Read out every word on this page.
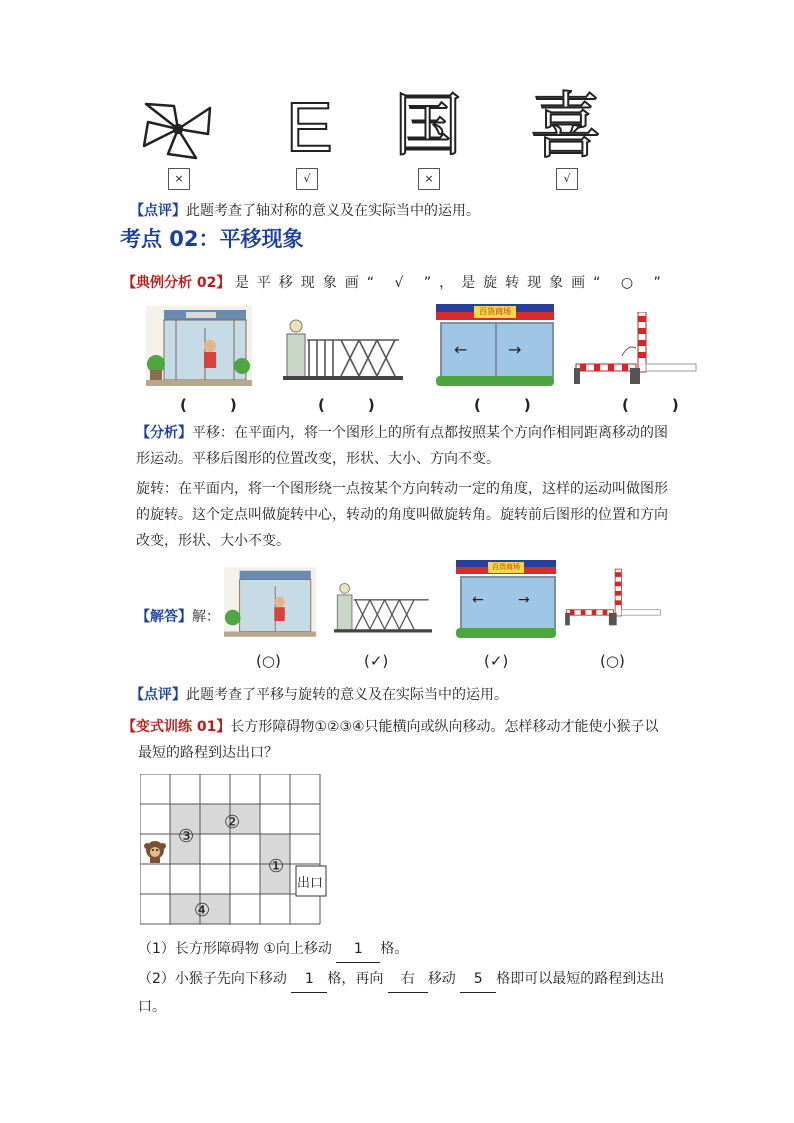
E 国 喜
×	√	×	√
【点评】此题考查了轴对称的意义及在实际当中的运用。
考点 02：平移现象
【典例分析 02】 是平移现象画“ √ ”，是旋转现象画“ ○ ”
百货商场
←	→
(　)	(　)	(　)	(　)
【分析】平移：在平面内，将一个图形上的所有点都按照某个方向作相同距离移动的图
形运动。平移后图形的位置改变，形状、大小、方向不变。
旋转：在平面内，将一个图形绕一点按某个方向转动一定的角度，这样的运动叫做图形
的旋转。这个定点叫做旋转中心，转动的角度叫做旋转角。旋转前后图形的位置和方向
改变，形状、大小不变。
【解答】解：
百货商场
← →
(○)	(✓)	(✓)	(○)
【点评】此题考查了平移与旋转的意义及在实际当中的运用。
【变式训练 01】长方形障碍物①②③④只能横向或纵向移动。怎样移动才能使小猴子以
最短的路程到达出口？
③
②
①
④
出口
（1）长方形障碍物 ①向上移动 1 格。
（2）小猴子先向下移动 1 格，再向 右 移动 5 格即可以最短的路程到达出
口。
